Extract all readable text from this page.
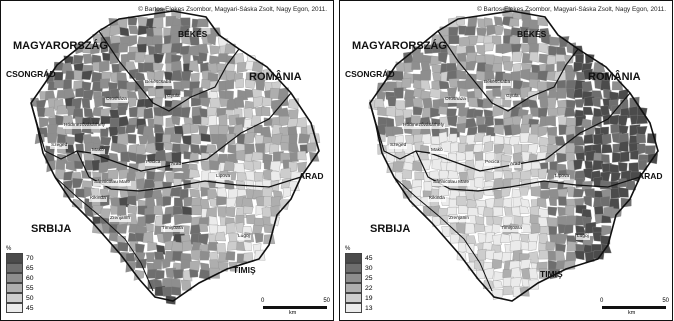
© Bartos-Elekes Zsombor, Magyari-Sáska Zsolt, Nagy Egon, 2011.
MAGYARORSZÁG
ROMÂNIA
SRBIJA
CSONGRÁD
BÉKÉS
ARAD
TIMIŞ
Szeged
Makó
Hódmezővásárhely
Orosháza
Békéscsaba
Gyula
Arad
Timişoara
Kikinda
Zrenjanin
Lugoj
Pecica
Lipova
Sânnicolau Mare
%
70
65
60
55
50
45
0	50
km
© Bartos-Elekes Zsombor, Magyari-Sáska Zsolt, Nagy Egon, 2011.
MAGYARORSZÁG
ROMÂNIA
SRBIJA
CSONGRÁD
BÉKÉS
ARAD
TIMIŞ
Szeged
Makó
Hódmezővásárhely
Orosháza
Békéscsaba
Gyula
Arad
Timişoara
Kikinda
Zrenjanin
Lugoj
Pecica
Lipova
Sânnicolau Mare
%
45
30
25
22
19
13
0	50
km
